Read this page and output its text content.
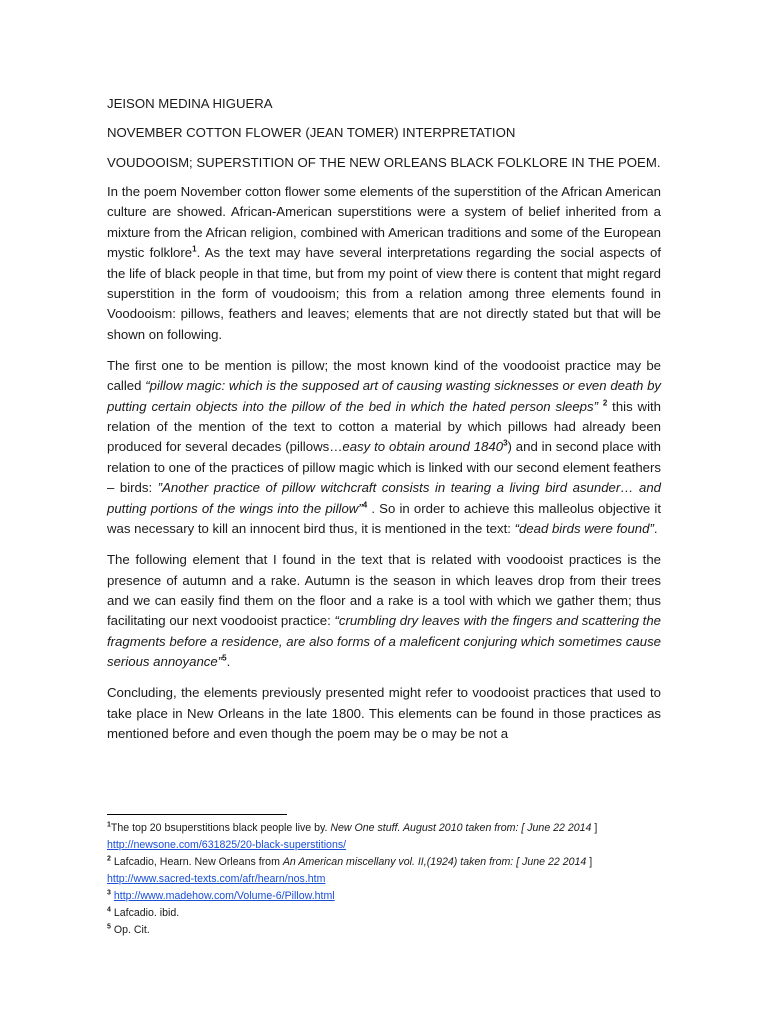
JEISON MEDINA HIGUERA

NOVEMBER COTTON FLOWER (JEAN TOMER) INTERPRETATION

VOUDOOISM; SUPERSTITION OF THE NEW ORLEANS BLACK FOLKLORE IN THE POEM.

In the poem November cotton flower some elements of the superstition of the African American culture are showed. African-American superstitions were a system of belief inherited from a mixture from the African religion, combined with American traditions and some of the European mystic folklore$^1$. As the text may have several interpretations regarding the social aspects of the life of black people in that time, but from my point of view there is content that might regard superstition in the form of voudooism; this from a relation among three elements found in Voodooism: pillows, feathers and leaves; elements that are not directly stated but that will be shown on following.

The first one to be mention is pillow; the most known kind of the voodooist practice may be called “pillow magic: which is the supposed art of causing wasting sicknesses or even death by putting certain objects into the pillow of the bed in which the hated person sleeps” $^2$ this with relation of the mention of the text to cotton a material by which pillows had already been produced for several decades (pillows…easy to obtain around 1840$^3$) and in second place with relation to one of the practices of pillow magic which is linked with our second element feathers – birds: ”Another practice of pillow witchcraft consists in tearing a living bird asunder… and putting portions of the wings into the pillow”$^4$ . So in order to achieve this malleolus objective it was necessary to kill an innocent bird thus, it is mentioned in the text: “dead birds were found”.

The following element that I found in the text that is related with voodooist practices is the presence of autumn and a rake. Autumn is the season in which leaves drop from their trees and we can easily find them on the floor and a rake is a tool with which we gather them; thus facilitating our next voodooist practice: “crumbling dry leaves with the fingers and scattering the fragments before a residence, are also forms of a maleficent conjuring which sometimes cause serious annoyance”$^5$.

Concluding, the elements previously presented might refer to voodooist practices that used to take place in New Orleans in the late 1800. This elements can be found in those practices as mentioned before and even though the poem may be o may be not a

$^1$The top 20 bsuperstitions black people live by. New One stuff. August 2010 taken from: [ June 22 2014 ]

http://newsone.com/631825/20-black-superstitions/

$^2$ Lafcadio, Hearn. New Orleans from An American miscellany vol. II,(1924) taken from: [ June 22 2014 ]

http://www.sacred-texts.com/afr/hearn/nos.htm

$^3$ http://www.madehow.com/Volume-6/Pillow.html

$^4$ Lafcadio. ibid.

$^5$ Op. Cit.
